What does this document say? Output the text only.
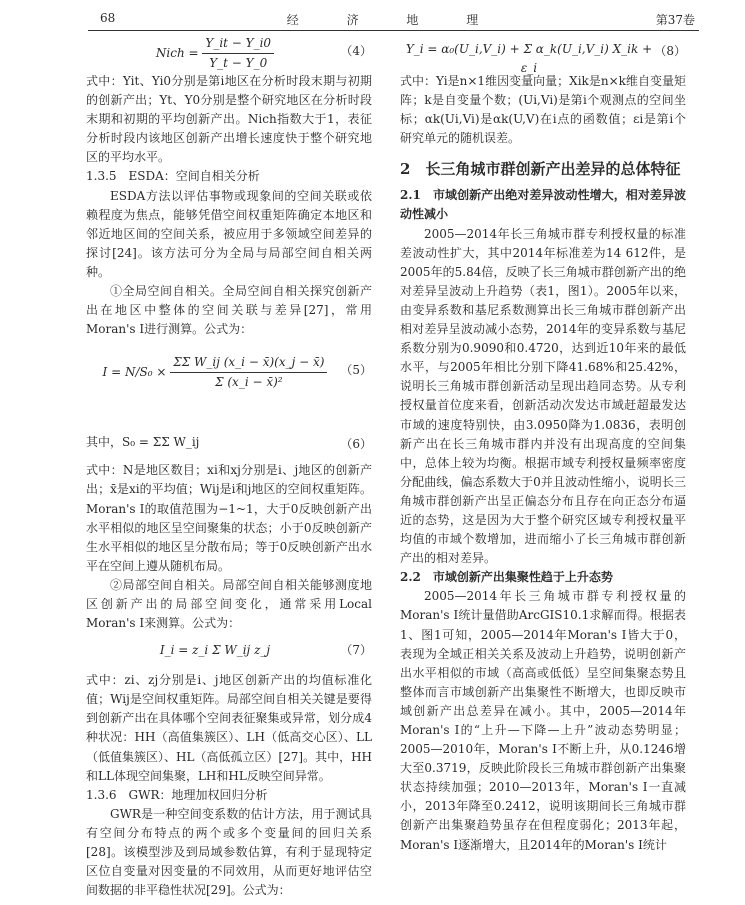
68	经 济 地 理	第37卷
Nich = $\frac{Y\_it - Y\_i0}{Y\_t - Y\_0}$	（4）

式中：Yit、Yi0分别是第i地区在分析时段末期与初期的创新产出；Yt、Y0分别是整个研究地区在分析时段末期和初期的平均创新产出。Nich指数大于1，表征分析时段内该地区创新产出增长速度快于整个研究地区的平均水平。

1.3.5　ESDA：空间自相关分析

ESDA方法以评估事物或现象间的空间关联或依赖程度为焦点，能够凭借空间权重矩阵确定本地区和邻近地区间的空间关系，被应用于多领域空间差异的探讨[24]。该方法可分为全局与局部空间自相关两种。

①全局空间自相关。全局空间自相关探究创新产出在地区中整体的空间关联与差异[27]，常用Moran's I进行测算。公式为：

$I = N/S_0 \times \frac{\text{ΣΣ W\_ij (x\_i − x̄)(x\_j − x̄)}}{\text{Σ (x\_i − x̄)²}} (5)$
其中，S₀ = ΣΣ W_ij	（6）

式中：N是地区数目；xi和xj分别是i、j地区的创新产出；x̄是xi的平均值；Wij是i和j地区的空间权重矩阵。Moran's I的取值范围为−1~1，大于0反映创新产出水平相似的地区呈空间聚集的状态；小于0反映创新产生水平相似的地区呈分散布局；等于0反映创新产出水平在空间上遵从随机布局。

②局部空间自相关。局部空间自相关能够测度地区创新产出的局部空间变化，通常采用Local Moran's I来测算。公式为：

I_i = z_i Σ W_ij z_j	（7）

式中：zi、zj分别是i、j地区创新产出的均值标准化值；Wij是空间权重矩阵。局部空间自相关关键是要得到创新产出在具体哪个空间表征聚集或异常，划分成4种状况：HH（高值集簇区）、LH（低高交心区）、LL（低值集簇区）、HL（高低孤立区）[27]。其中，HH和LL体现空间集聚，LH和HL反映空间异常。

1.3.6　GWR：地理加权回归分析

GWR是一种空间变系数的估计方法，用于测试具有空间分布特点的两个或多个变量间的回归关系[28]。该模型涉及到局域参数估算，有利于显现特定区位自变量对因变量的不同效用，从而更好地评估空间数据的非平稳性状况[29]。公式为：

Y_i = α₀(U_i,V_i) + Σ α_k(U_i,V_i) X_ik + ε_i
（8）

式中：Yi是n×1维因变量向量；Xik是n×k维自变量矩阵；k是自变量个数；(Ui,Vi)是第i个观测点的空间坐标；αk(Ui,Vi)是αk(U,V)在i点的函数值；εi是第i个研究单元的随机误差。

2　长三角城市群创新产出差异的总体特征

2.1　市域创新产出绝对差异波动性增大，相对差异波动性减小

2005—2014年长三角城市群专利授权量的标准差波动性扩大，其中2014年标准差为14 612件，是2005年的5.84倍，反映了长三角城市群创新产出的绝对差异呈波动上升趋势（表1，图1）。2005年以来，由变异系数和基尼系数测算出长三角城市群创新产出相对差异呈波动减小态势，2014年的变异系数与基尼系数分别为0.9090和0.4720，达到近10年来的最低水平，与2005年相比分别下降41.68%和25.42%，说明长三角城市群创新活动呈现出趋同态势。从专利授权量首位度来看，创新活动次发达市域赶超最发达市域的速度特别快，由3.0950降为1.0836，表明创新产出在长三角城市群内并没有出现高度的空间集中，总体上较为均衡。根据市域专利授权量频率密度分配曲线，偏态系数大于0并且波动性缩小，说明长三角城市群创新产出呈正偏态分布且存在向正态分布逼近的态势，这是因为大于整个研究区域专利授权量平均值的市域个数增加，进而缩小了长三角城市群创新产出的相对差异。

2.2　市域创新产出集聚性趋于上升态势

2005—2014年长三角城市群专利授权量的Moran's I统计量借助ArcGIS10.1求解而得。根据表1、图1可知，2005—2014年Moran's I皆大于0，表现为全域正相关关系及波动上升趋势，说明创新产出水平相似的市域（高高或低低）呈空间集聚态势且整体而言市域创新产出集聚性不断增大，也即反映市域创新产出总差异在减小。其中，2005—2014年Moran's I的“上升—下降—上升”波动态势明显；2005—2010年，Moran's I不断上升，从0.1246增大至0.3719，反映此阶段长三角城市群创新产出集聚状态持续加强；2010—2013年，Moran's I一直减小，2013年降至0.2412，说明该期间长三角城市群创新产出集聚趋势虽存在但程度弱化；2013年起，Moran's I逐渐增大，且2014年的Moran's I统计
